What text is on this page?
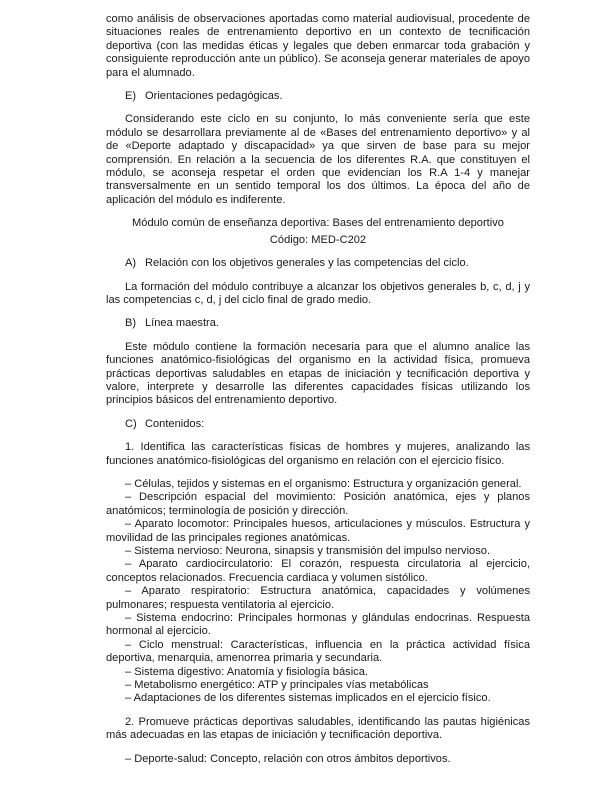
como análisis de observaciones aportadas como material audiovisual, procedente de situaciones reales de entrenamiento deportivo en un contexto de tecnificación deportiva (con las medidas éticas y legales que deben enmarcar toda grabación y consiguiente reproducción ante un público). Se aconseja generar materiales de apoyo para el alumnado.

E) Orientaciones pedagógicas.

Considerando este ciclo en su conjunto, lo más conveniente sería que este módulo se desarrollara previamente al de «Bases del entrenamiento deportivo» y al de «Deporte adaptado y discapacidad» ya que sirven de base para su mejor comprensión. En relación a la secuencia de los diferentes R.A. que constituyen el módulo, se aconseja respetar el orden que evidencian los R.A 1-4 y manejar transversalmente en un sentido temporal los dos últimos. La época del año de aplicación del módulo es indiferente.

Módulo común de enseñanza deportiva: Bases del entrenamiento deportivo
Código: MED-C202
A) Relación con los objetivos generales y las competencias del ciclo.

La formación del módulo contribuye a alcanzar los objetivos generales b, c, d, j y las competencias c, d, j del ciclo final de grado medio.

B) Línea maestra.

Este módulo contiene la formación necesaria para que el alumno analice las funciones anatómico-fisiológicas del organismo en la actividad física, promueva prácticas deportivas saludables en etapas de iniciación y tecnificación deportiva y valore, interprete y desarrolle las diferentes capacidades físicas utilizando los principios básicos del entrenamiento deportivo.

C) Contenidos:

1. Identifica las características físicas de hombres y mujeres, analizando las funciones anatómico-fisiológicas del organismo en relación con el ejercicio físico.

– Células, tejidos y sistemas en el organismo: Estructura y organización general.

– Descripción espacial del movimiento: Posición anatómica, ejes y planos anatómicos; terminología de posición y dirección.

– Aparato locomotor: Principales huesos, articulaciones y músculos. Estructura y movilidad de las principales regiones anatómicas.

– Sistema nervioso: Neurona, sinapsis y transmisión del impulso nervioso.

– Aparato cardiocirculatorio: El corazón, respuesta circulatoria al ejercicio, conceptos relacionados. Frecuencia cardiaca y volumen sistólico.

– Aparato respiratorio: Estructura anatómica, capacidades y volúmenes pulmonares; respuesta ventilatoria al ejercicio.

– Sistema endocrino: Principales hormonas y glándulas endocrinas. Respuesta hormonal al ejercicio.

– Ciclo menstrual: Características, influencia en la práctica actividad física deportiva, menarquia, amenorrea primaria y secundaria.

– Sistema digestivo: Anatomía y fisiología básica.

– Metabolismo energético: ATP y principales vías metabólicas

– Adaptaciones de los diferentes sistemas implicados en el ejercicio físico.

2. Promueve prácticas deportivas saludables, identificando las pautas higiénicas más adecuadas en las etapas de iniciación y tecnificación deportiva.

– Deporte-salud: Concepto, relación con otros ámbitos deportivos.
